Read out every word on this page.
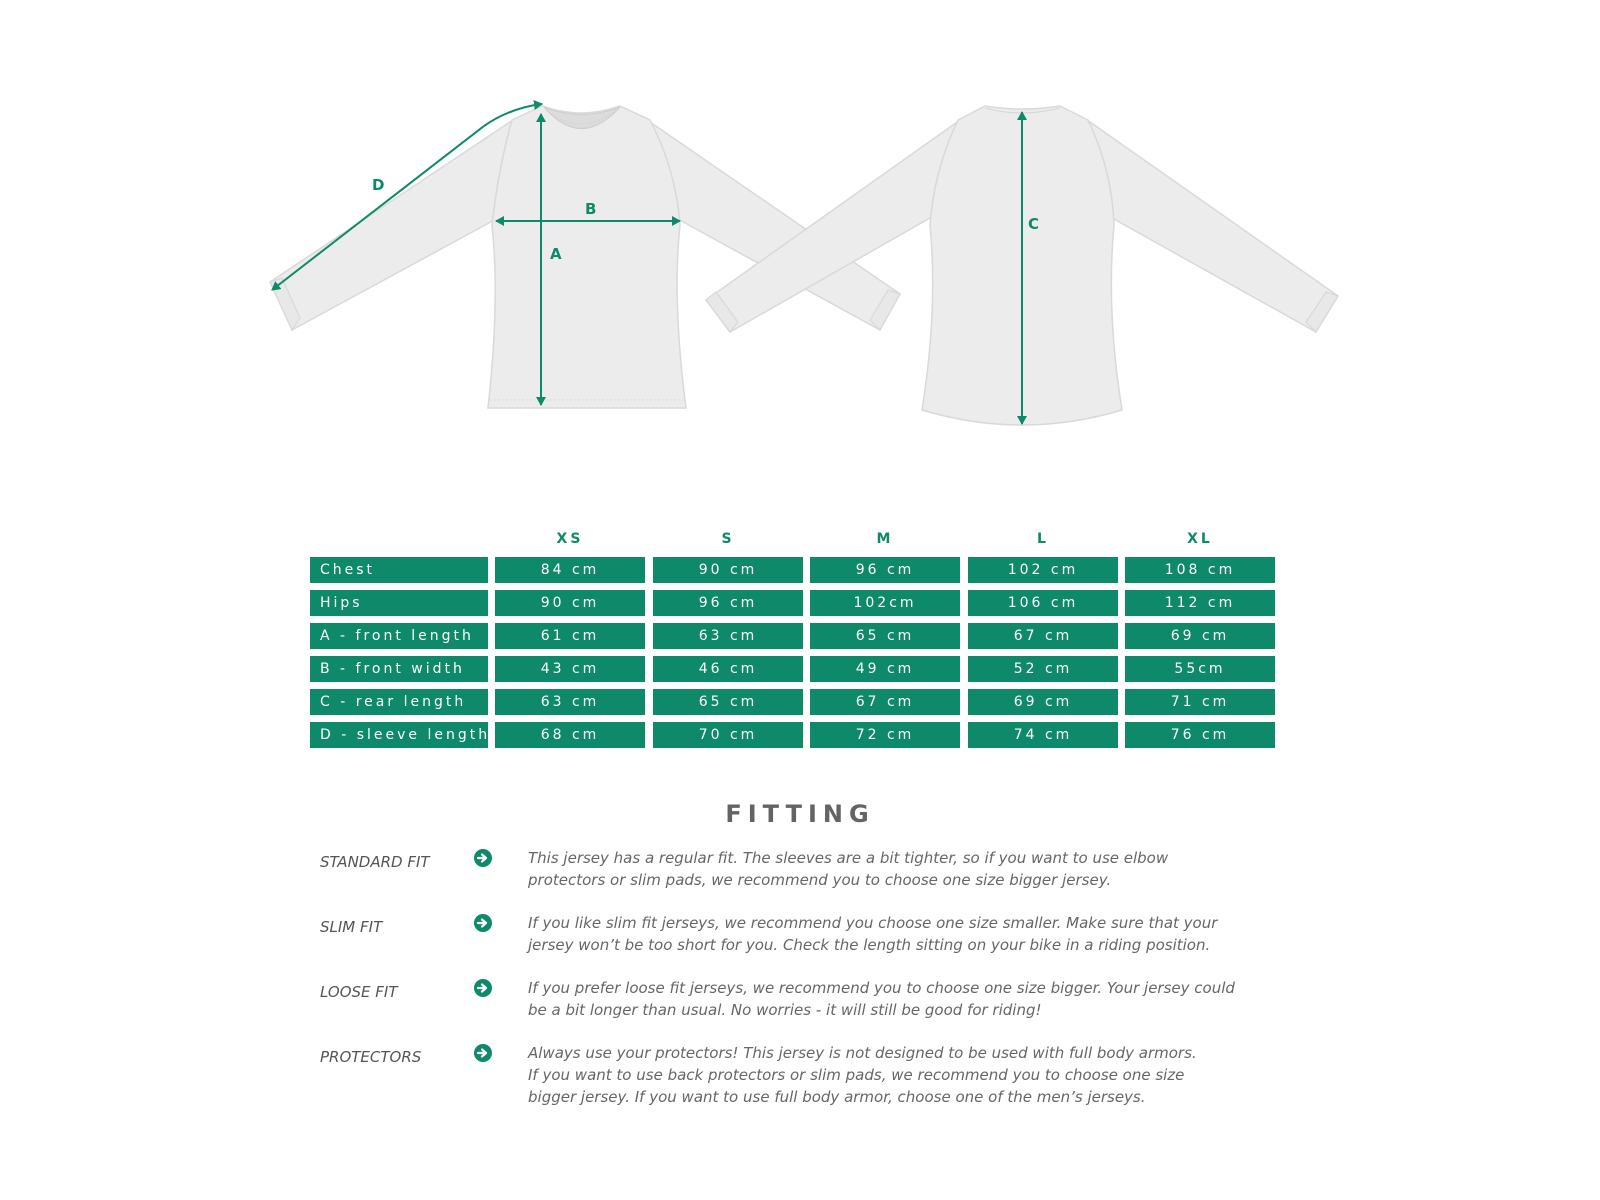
A
B
C
D
XS	S	M	L	XL
Chest	84 cm	90 cm	96 cm	102 cm	108 cm
Hips	90 cm	96 cm	102cm	106 cm	112 cm
A - front length	61 cm	63 cm	65 cm	67 cm	69 cm
B - front width	43 cm	46 cm	49 cm	52 cm	55cm
C - rear length	63 cm	65 cm	67 cm	69 cm	71 cm
D - sleeve length	68 cm	70 cm	72 cm	74 cm	76 cm
FITTING
STANDARD FIT	This jersey has a regular fit. The sleeves are a bit tighter, so if you want to use elbow
protectors or slim pads, we recommend you to choose one size bigger jersey.
SLIM FIT	If you like slim fit jerseys, we recommend you choose one size smaller. Make sure that your
jersey won’t be too short for you. Check the length sitting on your bike in a riding position.
LOOSE FIT	If you prefer loose fit jerseys, we recommend you to choose one size bigger. Your jersey could
be a bit longer than usual. No worries - it will still be good for riding!
PROTECTORS	Always use your protectors! This jersey is not designed to be used with full body armors.
If you want to use back protectors or slim pads, we recommend you to choose one size
bigger jersey. If you want to use full body armor, choose one of the men’s jerseys.
